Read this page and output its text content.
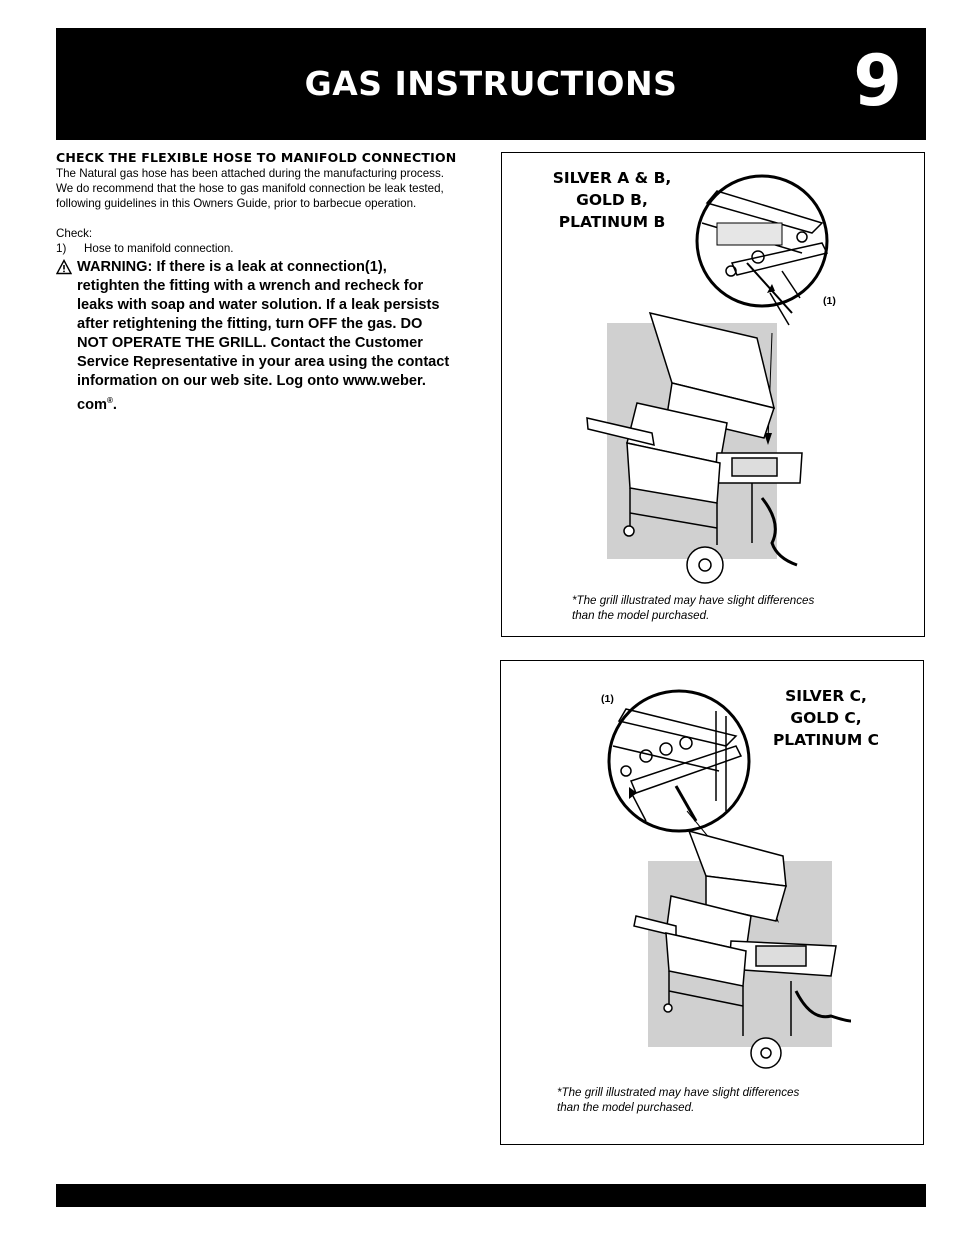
GAS INSTRUCTIONS	9
CHECK THE FLEXIBLE HOSE TO MANIFOLD CONNECTION

The Natural gas hose has been attached during the manufacturing process.

We do recommend that the hose to gas manifold connection be leak tested,

following guidelines in this Owners Guide, prior to barbecue operation.

Check:

1)	Hose to manifold connection.
WARNING: If there is a leak at connection(1),
retighten the fitting with a wrench and recheck for
leaks with soap and water solution. If a leak persists
after retightening the fitting, turn OFF the gas. DO
NOT OPERATE THE GRILL. Contact the Customer
Service Representative in your area using the contact
information on our web site. Log onto www.weber.
com®.
SILVER A & B,
GOLD B,
PLATINUM B
(1)
*The grill illustrated may have slight differences
than the model purchased.
SILVER C,
GOLD C,
PLATINUM C
(1)
*The grill illustrated may have slight differences
than the model purchased.
